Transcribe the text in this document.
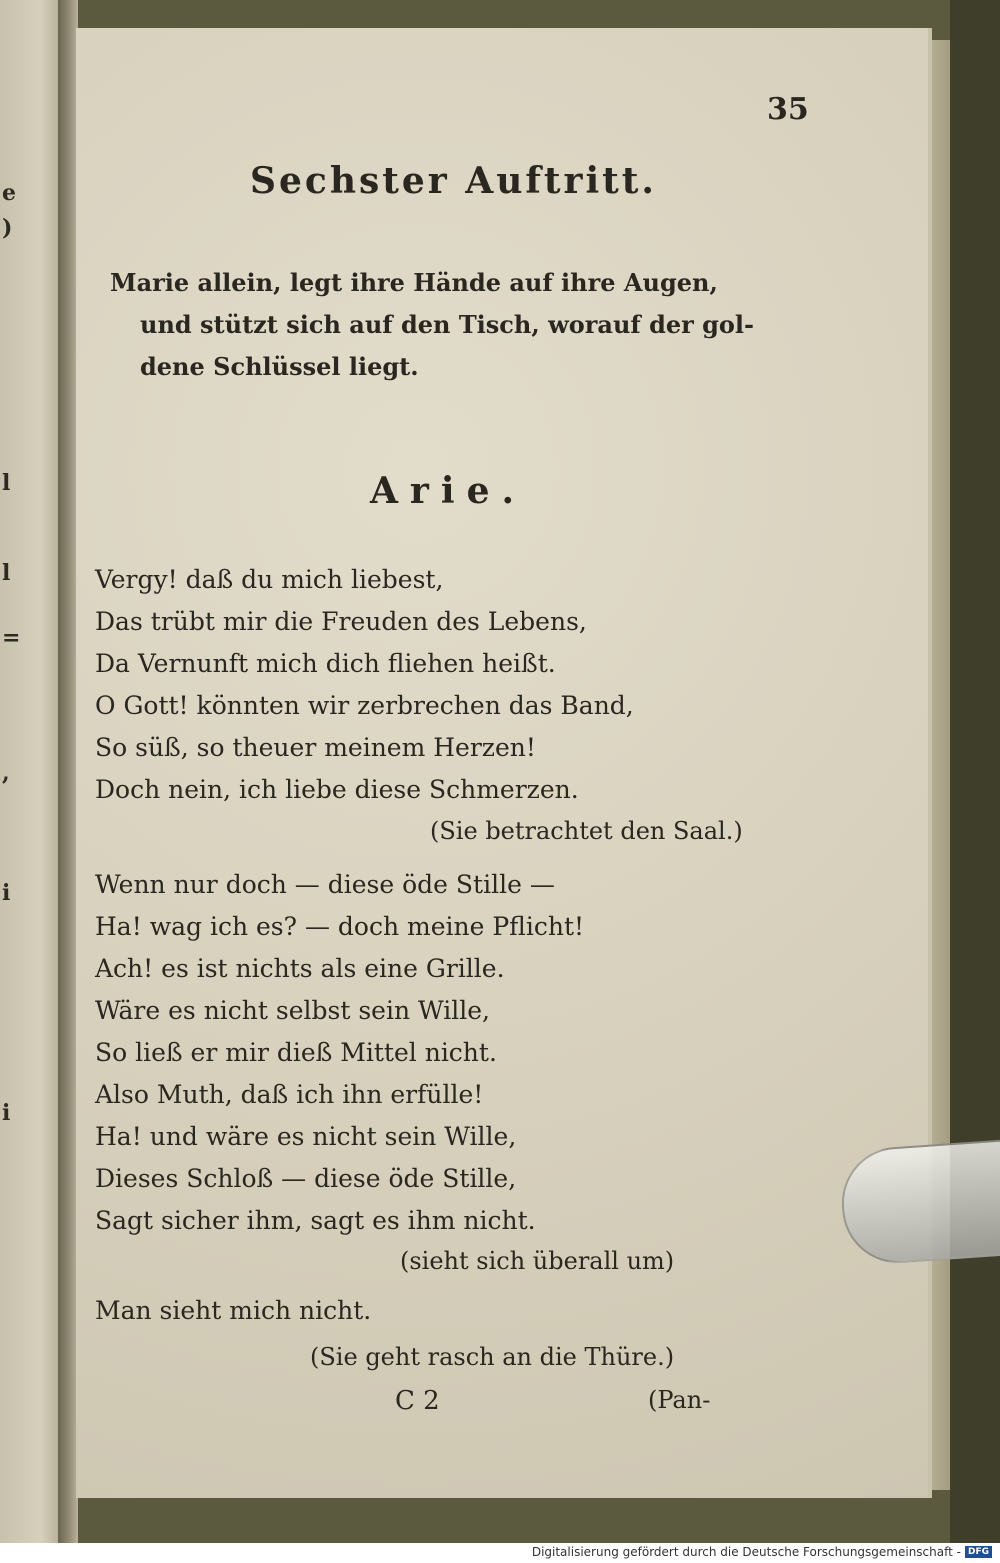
e
)
l
l
=
,
i
i
35
Sechster Auftritt.
Marie allein, legt ihre Hände auf ihre Augen,
und stützt sich auf den Tisch, worauf der gol-
dene Schlüssel liegt.
Arie.
Vergy! daß du mich liebest,
Das trübt mir die Freuden des Lebens,
Da Vernunft mich dich fliehen heißt.
O Gott! könnten wir zerbrechen das Band,
So süß, so theuer meinem Herzen!
Doch nein, ich liebe diese Schmerzen.
(Sie betrachtet den Saal.)
Wenn nur doch — diese öde Stille —
Ha! wag ich es? — doch meine Pflicht!
Ach! es ist nichts als eine Grille.
Wäre es nicht selbst sein Wille,
So ließ er mir dieß Mittel nicht.
Also Muth, daß ich ihn erfülle!
Ha! und wäre es nicht sein Wille,
Dieses Schloß — diese öde Stille,
Sagt sicher ihm, sagt es ihm nicht.
(sieht sich überall um)
Man sieht mich nicht.
(Sie geht rasch an die Thüre.)
C 2	(Pan-
Digitalisierung gefördert durch die Deutsche Forschungsgemeinschaft - DFG
